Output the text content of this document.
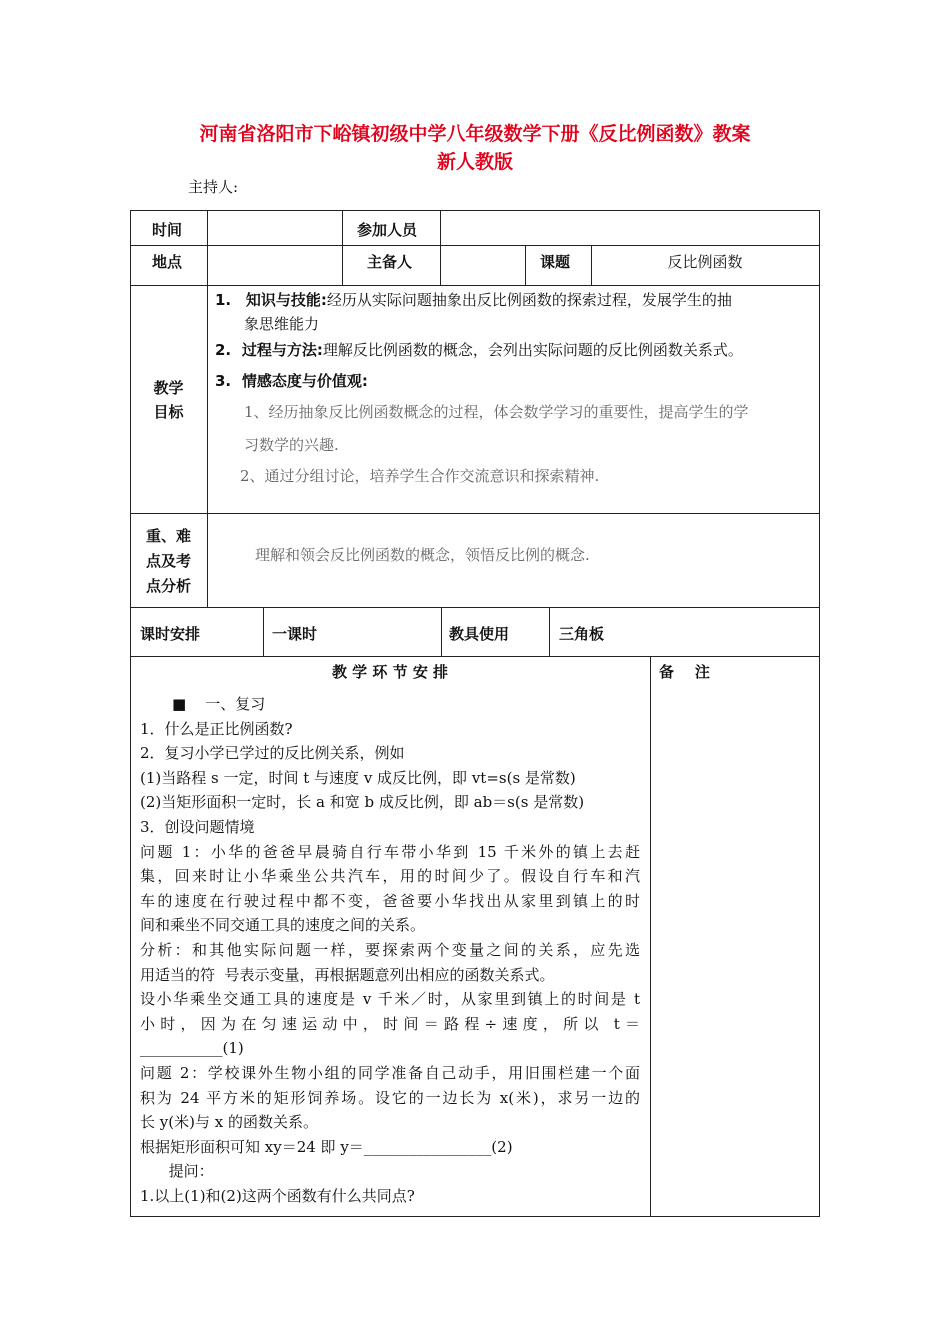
河南省洛阳市下峪镇初级中学八年级数学下册《反比例函数》教案
新人教版
主持人:
时间	参加人员
地点	主备人	课题	反比例函数
教学
目标
1. 知识与技能:经历从实际问题抽象出反比例函数的探索过程，发展学生的抽
象思维能力
2. 过程与方法:理解反比例函数的概念，会列出实际问题的反比例函数关系式。
3. 情感态度与价值观:
1、经历抽象反比例函数概念的过程，体会数学学习的重要性，提高学生的学
习数学的兴趣.
2、通过分组讨论，培养学生合作交流意识和探索精神.
重、难
点及考
点分析
理解和领会反比例函数的概念，领悟反比例的概念.
课时安排	一课时	教具使用	三角板
教 学 环 节 安 排	备    注

■    一、复习

1．什么是正比例函数?

2．复习小学已学过的反比例关系，例如

(1)当路程 s 一定，时间 t 与速度 v 成反比例，即 vt=s(s 是常数)

(2)当矩形面积一定时，长 a 和宽 b 成反比例，即 ab＝s(s 是常数)

3．创设问题情境

问题 1：小华的爸爸早晨骑自行车带小华到 15 千米外的镇上去赶

集，回来时让小华乘坐公共汽车，用的时间少了。假设自行车和汽

车的速度在行驶过程中都不变，爸爸要小华找出从家里到镇上的时

间和乘坐不同交通工具的速度之间的关系。

分析：和其他实际问题一样，要探索两个变量之间的关系，应先选

用适当的符  号表示变量，再根据题意列出相应的函数关系式。

设小华乘坐交通工具的速度是 v 千米／时，从家里到镇上的时间是 t

小时，因为在匀速运动中，时间＝路程÷速度，所以 t＝

___________(1)

问题 2：学校课外生物小组的同学准备自己动手，用旧围栏建一个面

积为 24 平方米的矩形饲养场。设它的一边长为 x(米)，求另一边的

长 y(米)与 x 的函数关系。

根据矩形面积可知 xy＝24 即 y＝_________________(2)

提问：

1.以上(1)和(2)这两个函数有什么共同点?
